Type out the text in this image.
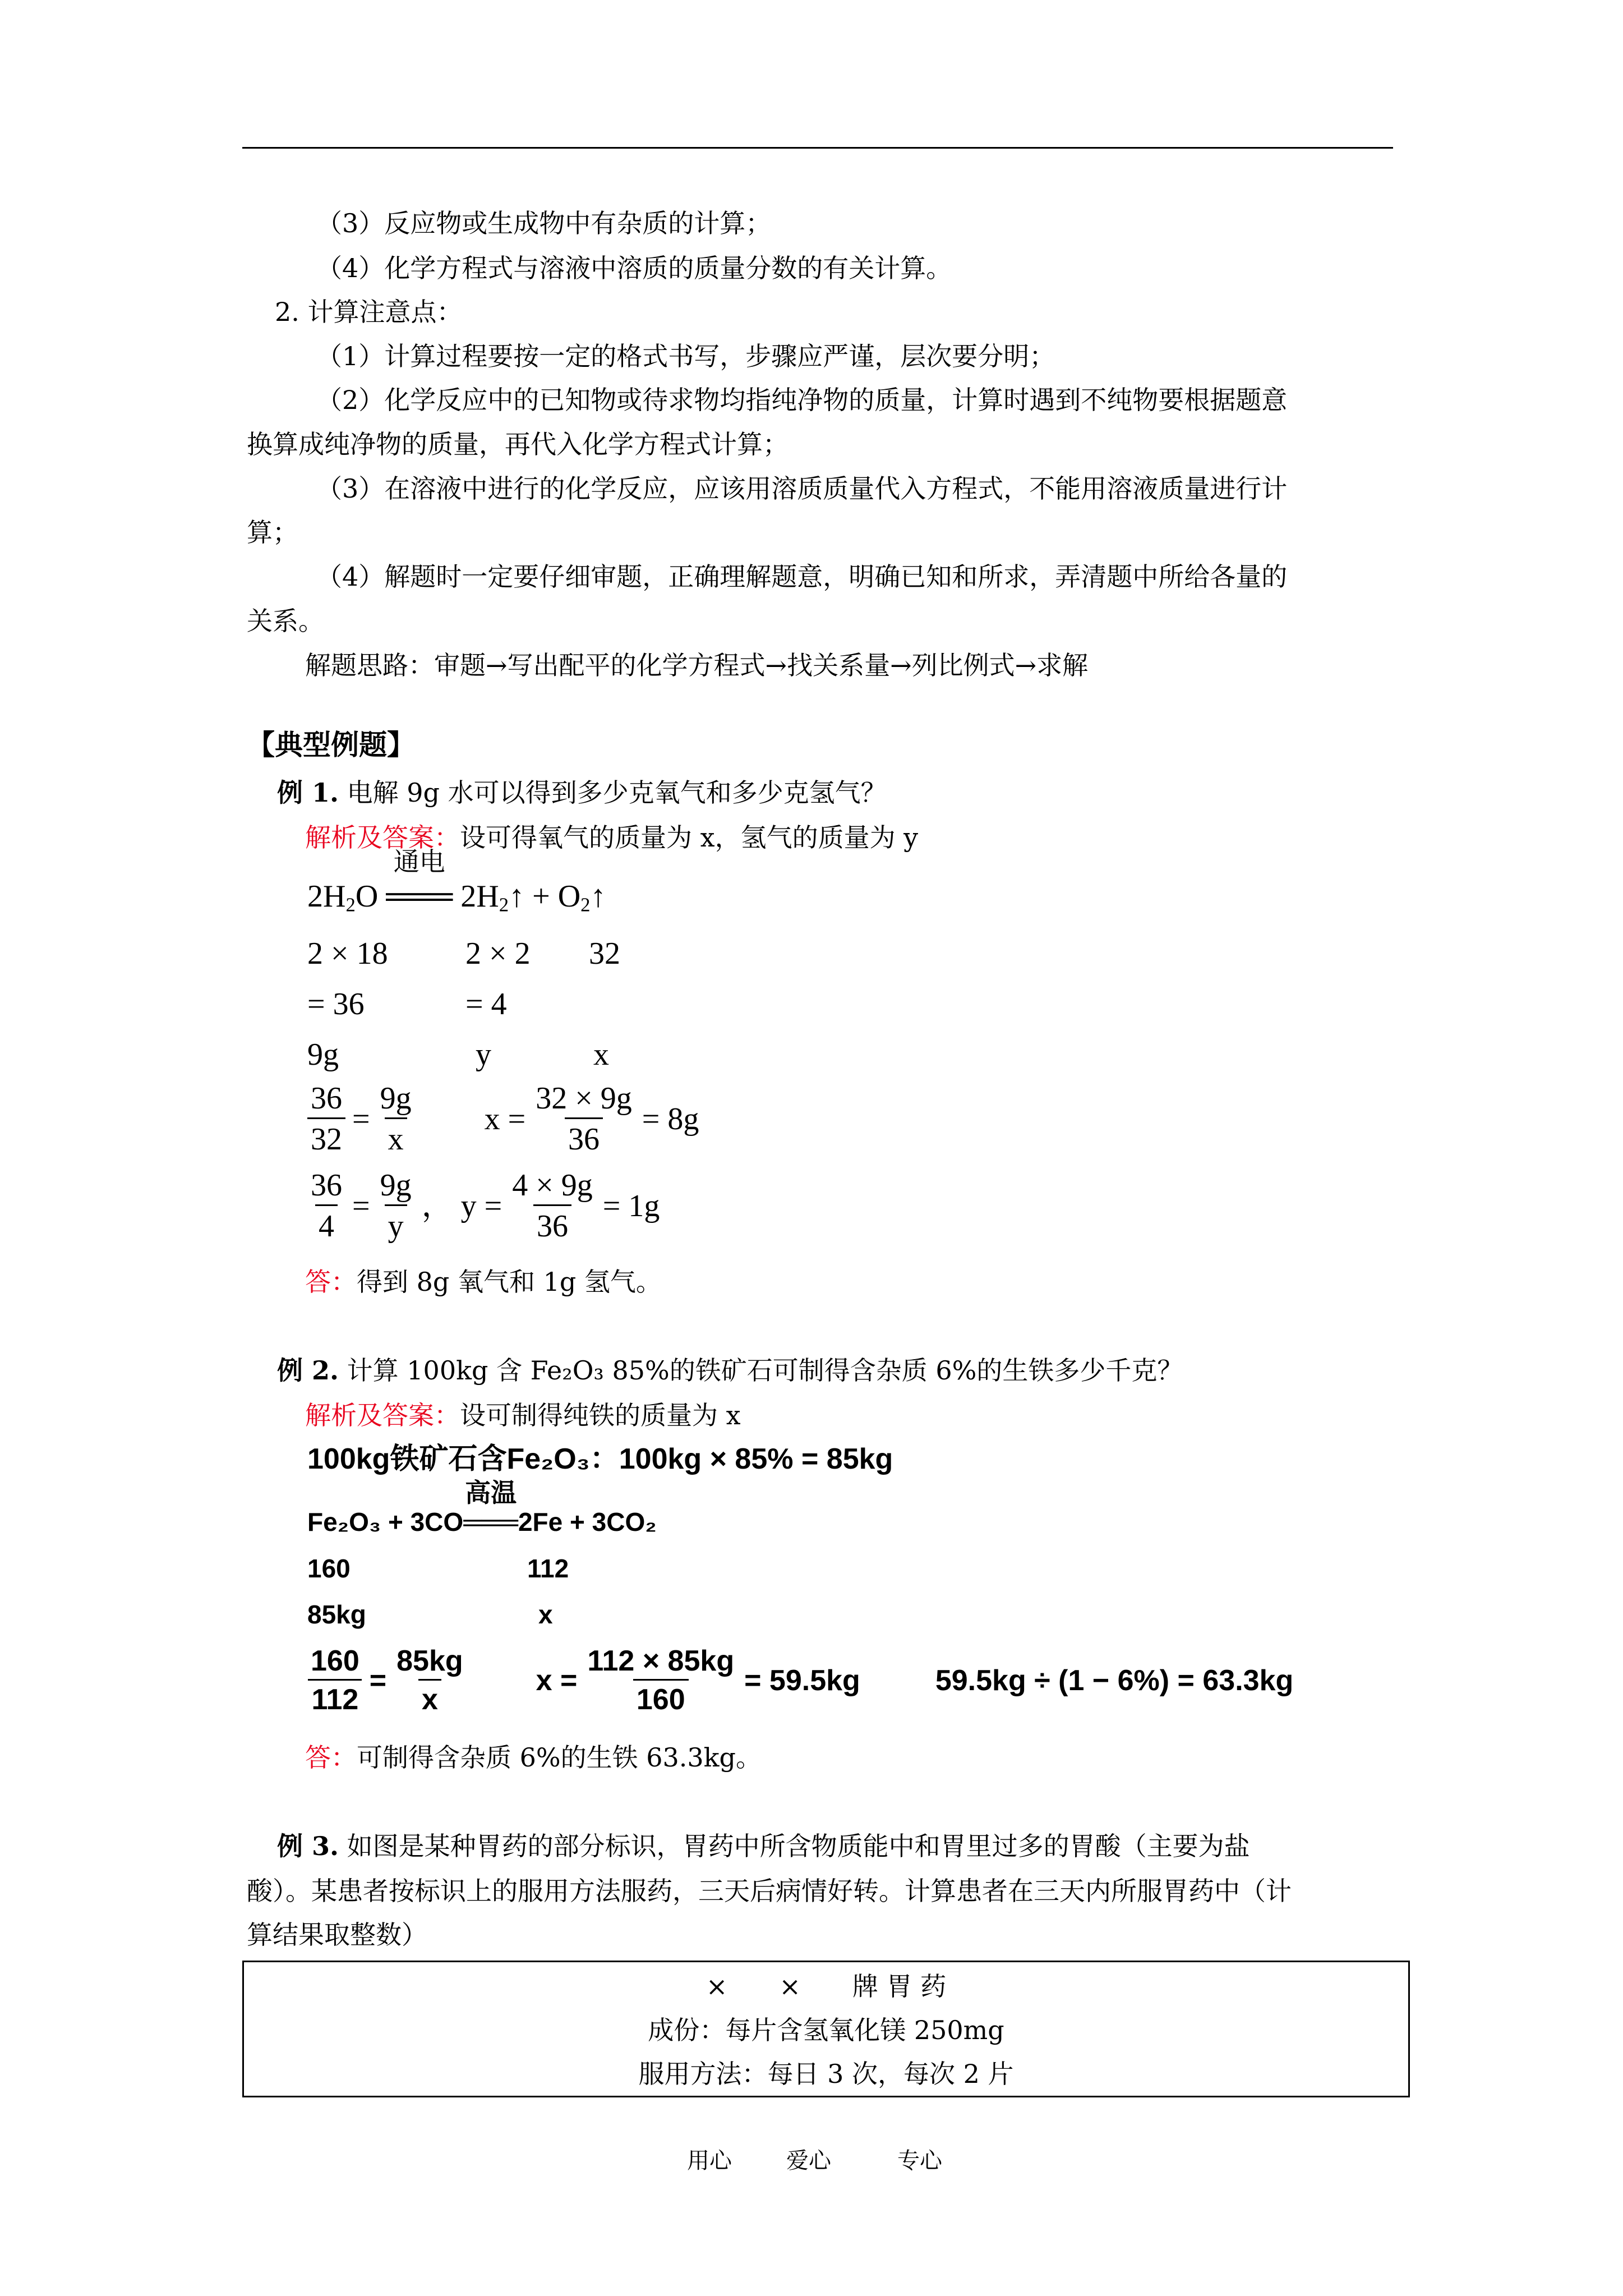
（3）反应物或生成物中有杂质的计算；
（4）化学方程式与溶液中溶质的质量分数的有关计算。
2. 计算注意点：
（1）计算过程要按一定的格式书写，步骤应严谨，层次要分明；
（2）化学反应中的已知物或待求物均指纯净物的质量，计算时遇到不纯物要根据题意
换算成纯净物的质量，再代入化学方程式计算；
（3）在溶液中进行的化学反应，应该用溶质质量代入方程式，不能用溶液质量进行计
算；
（4）解题时一定要仔细审题，正确理解题意，明确已知和所求，弄清题中所给各量的
关系。
解题思路：审题→写出配平的化学方程式→找关系量→列比例式→求解
【典型例题】
例 1. 电解 9g 水可以得到多少克氧气和多少克氢气？
解析及答案：设可得氧气的质量为 x，氢气的质量为 y
$2H_2O$
通电
═══ $2H_2↑$ + $O_2↑$
2 × 18 2 × 2 32
= 36	= 4
9g	y	x
$\frac{36}{32} = \frac{9g}{x}$ $x = \frac{32 \times 9g}{36} = 8g$
$\frac{36}{4} = \frac{9g}{y}$ ， $y = \frac{4 \times 9g}{36} = 1g$
答：得到 8g 氧气和 1g 氢气。
例 2. 计算 100kg 含 Fe₂O₃ 85%的铁矿石可制得含杂质 6%的生铁多少千克？
解析及答案：设可制得纯铁的质量为 x
100kg铁矿石含Fe₂O₃：100kg × 85% = 85kg
Fe₂O₃ + 3CO
高温
═══2Fe + 3CO₂
160	112
85kg	x
$\frac{160}{112} = \frac{85kg}{x}$ $x = \frac{112 \times 85kg}{160} = 59.5kg$	59.5kg ÷ (1 − 6%) = 63.3kg
答：可制得含杂质 6%的生铁 63.3kg。
例 3. 如图是某种胃药的部分标识，胃药中所含物质能中和胃里过多的胃酸（主要为盐
酸）。某患者按标识上的服用方法服药，三天后病情好转。计算患者在三天内所服胃药中（计
算结果取整数）
×　　×　　牌 胃 药
成份：每片含氢氧化镁 250mg
服用方法：每日 3 次，每次 2 片
用心 爱心	专心
